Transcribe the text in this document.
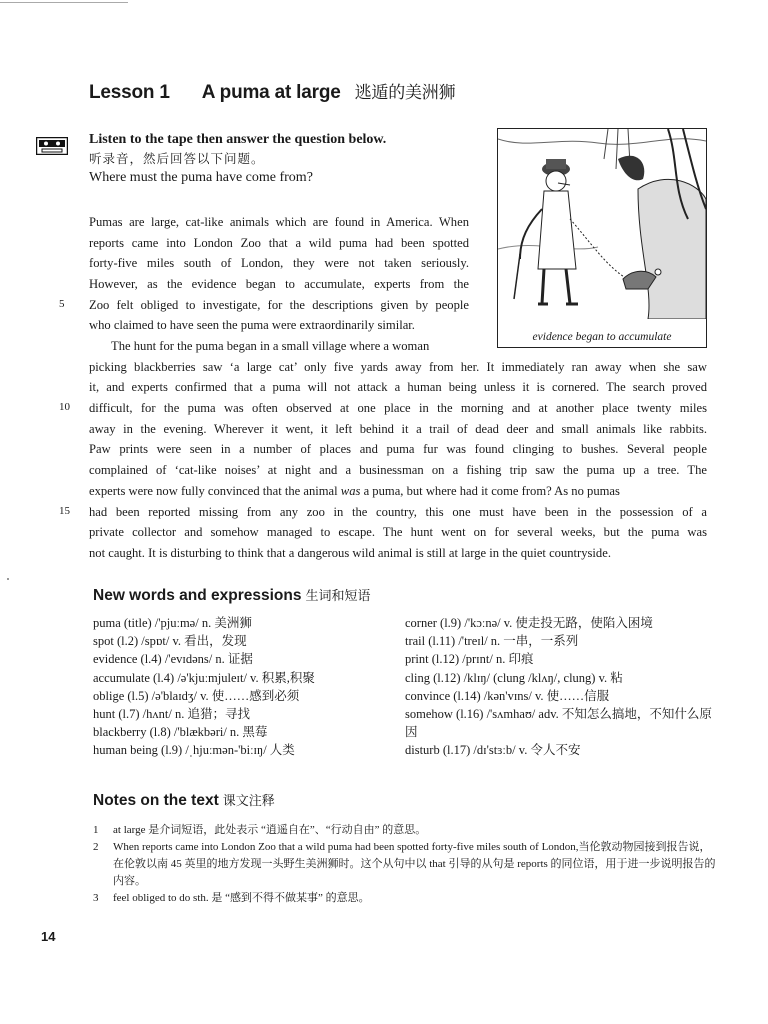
Lesson 1 A puma at large 逃遁的美洲狮
Listen to the tape then answer the question below.
听录音，然后回答以下问题。
Where must the puma have come from?
evidence began to accumulate
Pumas are large, cat-like animals which are found in America. When
reports came into London Zoo that a wild puma had been spotted
forty-five miles south of London, they were not taken seriously.
However, as the evidence began to accumulate, experts from the
Zoo felt obliged to investigate, for the descriptions given by people
who claimed to have seen the puma were extraordinarily similar.
The hunt for the puma began in a small village where a woman
picking blackberries saw ‘a large cat’ only five yards away from her. It immediately ran away when she saw
it, and experts confirmed that a puma will not attack a human being unless it is cornered. The search proved
difficult, for the puma was often observed at one place in the morning and at another place twenty miles
away in the evening. Wherever it went, it left behind it a trail of dead deer and small animals like rabbits.
Paw prints were seen in a number of places and puma fur was found clinging to bushes. Several people
complained of ‘cat-like noises’ at night and a businessman on a fishing trip saw the puma up a tree. The
experts were now fully convinced that the animal was a puma, but where had it come from? As no pumas
had been reported missing from any zoo in the country, this one must have been in the possession of a
private collector and somehow managed to escape. The hunt went on for several weeks, but the puma was
not caught. It is disturbing to think that a dangerous wild animal is still at large in the quiet countryside.
5
10
15
New words and expressions 生词和短语
puma (title) /'pjuːmə/ n. 美洲狮
spot (l.2) /spɒt/ v. 看出，发现
evidence (l.4) /'evɪdəns/ n. 证据
accumulate (l.4) /ə'kjuːmjuleɪt/ v. 积累,积聚
oblige (l.5) /ə'blaɪdʒ/ v. 使……感到必须
hunt (l.7) /hʌnt/ n. 追猎；寻找
blackberry (l.8) /'blækbəri/ n. 黑莓
human being (l.9) /ˌhjuːmən-'biːɪŋ/ 人类
corner (l.9) /'kɔːnə/ v. 使走投无路，使陷入困境
trail (l.11) /'treɪl/ n. 一串，一系列
print (l.12) /prɪnt/ n. 印痕
cling (l.12) /klɪŋ/ (clung /klʌŋ/, clung) v. 粘
convince (l.14) /kən'vɪns/ v. 使……信服
somehow (l.16) /'sʌmhaʊ/ adv. 不知怎么搞地，不知什么原因
disturb (l.17) /dɪ'stɜːb/ v. 令人不安
Notes on the text 课文注释
1 at large 是介词短语，此处表示 “逍遥自在”、“行动自由” 的意思。
2 When reports came into London Zoo that a wild puma had been spotted forty-five miles south of London,当伦敦动物园接到报告说，在伦敦以南 45 英里的地方发现一头野生美洲狮时。这个从句中以 that 引导的从句是 reports 的同位语，用于进一步说明报告的内容。
3 feel obliged to do sth. 是 “感到不得不做某事” 的意思。
14
